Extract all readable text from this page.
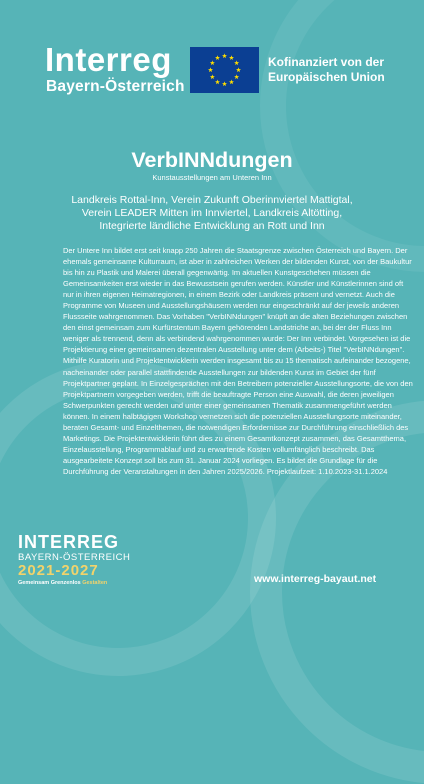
Interreg
Bayern-Österreich
Kofinanziert von der
Europäischen Union
VerbINNdungen
Kunstausstellungen am Unteren Inn
Landkreis Rottal-Inn, Verein Zukunft Oberinnviertel Mattigtal,
Verein LEADER Mitten im Innviertel, Landkreis Altötting,
Integrierte ländliche Entwicklung an Rott und Inn
Der Untere Inn bildet erst seit knapp 250 Jahren die Staatsgrenze zwischen Österreich und Bayern. Der ehemals gemeinsame Kulturraum, ist aber in zahlreichen Werken der bildenden Kunst, von der Baukultur bis hin zu Plastik und Malerei überall gegenwärtig. Im aktuellen Kunstgeschehen müssen die Gemeinsamkeiten erst wieder in das Bewusstsein gerufen werden. Künstler und Künstlerinnen sind oft nur in ihren eigenen Heimatregionen, in einem Bezirk oder Landkreis präsent und vernetzt. Auch die Programme von Museen und Ausstellungshäusern werden nur eingeschränkt auf der jeweils anderen Flussseite wahrgenommen. Das Vorhaben "VerbINNdungen" knüpft an die alten Beziehungen zwischen den einst gemeinsam zum Kurfürstentum Bayern gehörenden Landstriche an, bei der der Fluss Inn weniger als trennend, denn als verbindend wahrgenommen wurde: Der Inn verbindet. Vorgesehen ist die Projektierung einer gemeinsamen dezentralen Ausstellung unter dem (Arbeits-) Titel "VerbINNdungen". Mithilfe Kuratorin und Projektentwicklerin werden insgesamt bis zu 15 thematisch aufeinander bezogene, nacheinander oder parallel stattfindende Ausstellungen zur bildenden Kunst im Gebiet der fünf Projektpartner geplant. In Einzelgesprächen mit den Betreibern potenzieller Ausstellungsorte, die von den Projektpartnern vorgegeben werden, trifft die beauftragte Person eine Auswahl, die deren jeweiligen Schwerpunkten gerecht werden und unter einer gemeinsamen Thematik zusammengeführt werden können. In einem halbtägigen Workshop vernetzen sich die potenziellen Ausstellungsorte miteinander, beraten Gesamt- und Einzelthemen, die notwendigen Erfordernisse zur Durchführung einschließlich des Marketings. Die Projektentwicklerin führt dies zu einem Gesamtkonzept zusammen, das Gesamtthema, Einzelausstellung, Programmablauf und zu erwartende Kosten vollumfänglich beschreibt. Das ausgearbeitete Konzept soll bis zum 31. Januar 2024 vorliegen. Es bildet die Grundlage für die Durchführung der Veranstaltungen in den Jahren 2025/2026. Projektlaufzeit: 1.10.2023-31.1.2024
INTERREG
BAYERN-ÖSTERREICH
2021-2027
Gemeinsam Grenzenlos Gestalten	www.interreg-bayaut.net
